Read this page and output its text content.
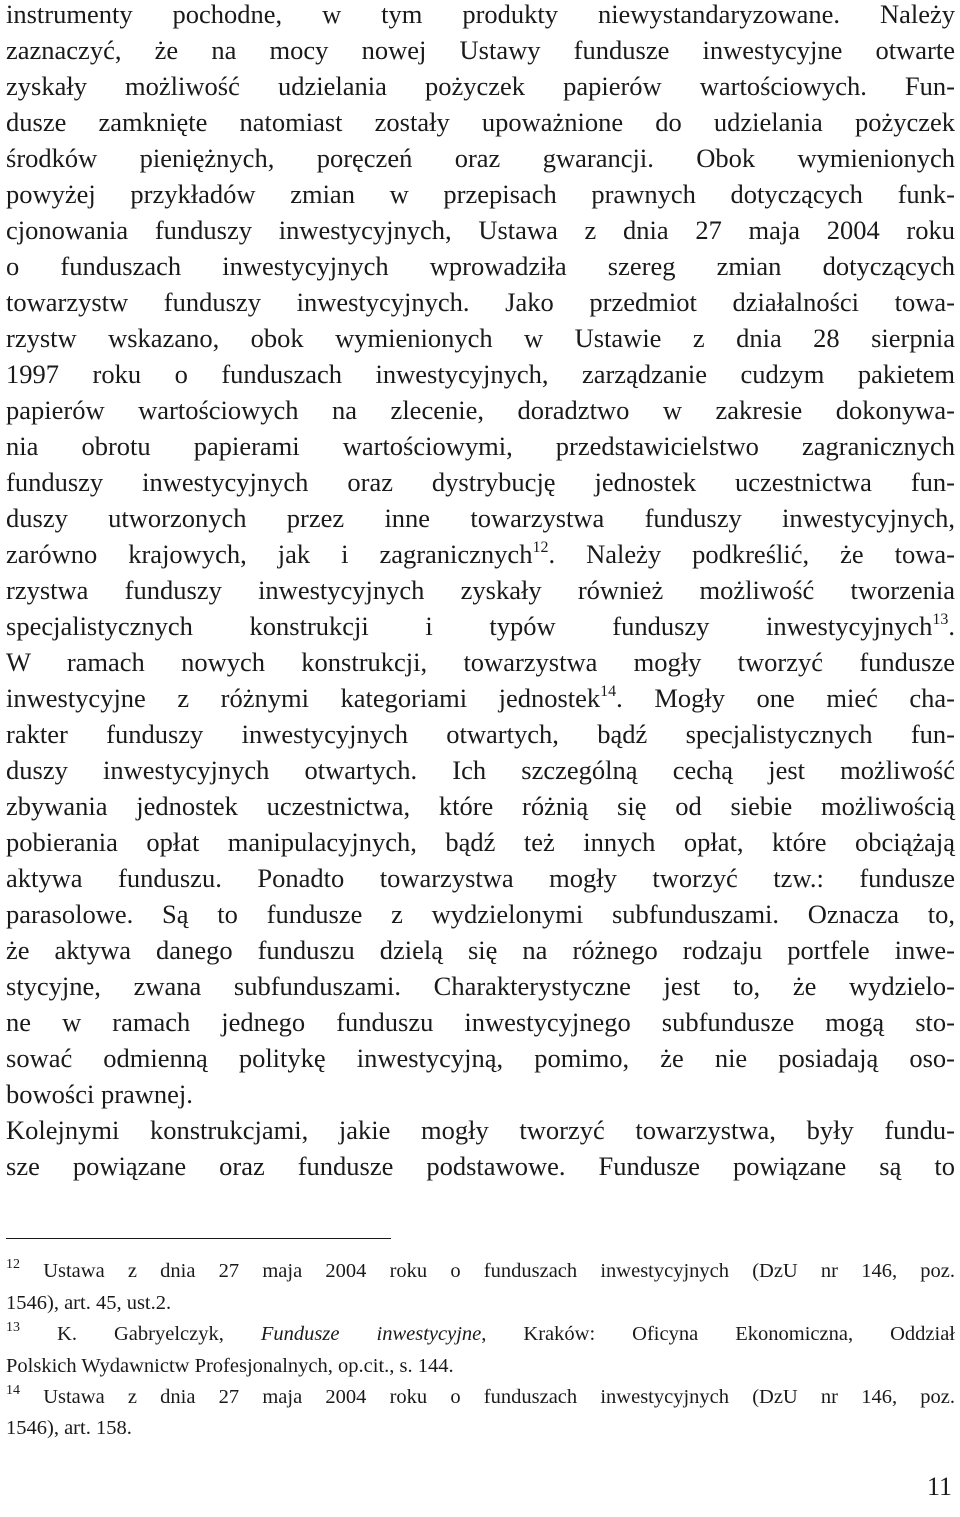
instrumenty pochodne, w tym produkty niewystandaryzowane. Należy
zaznaczyć, że na mocy nowej Ustawy fundusze inwestycyjne otwarte
zyskały możliwość udzielania pożyczek papierów wartościowych. Fun-
dusze zamknięte natomiast zostały upoważnione do udzielania pożyczek
środków pieniężnych, poręczeń oraz gwarancji. Obok wymienionych
powyżej przykładów zmian w przepisach prawnych dotyczących funk-
cjonowania funduszy inwestycyjnych, Ustawa z dnia 27 maja 2004 roku
o funduszach inwestycyjnych wprowadziła szereg zmian dotyczących
towarzystw funduszy inwestycyjnych. Jako przedmiot działalności towa-
rzystw wskazano, obok wymienionych w Ustawie z dnia 28 sierpnia
1997 roku o funduszach inwestycyjnych, zarządzanie cudzym pakietem
papierów wartościowych na zlecenie, doradztwo w zakresie dokonywa-
nia obrotu papierami wartościowymi, przedstawicielstwo zagranicznych
funduszy inwestycyjnych oraz dystrybucję jednostek uczestnictwa fun-
duszy utworzonych przez inne towarzystwa funduszy inwestycyjnych,
zarówno krajowych, jak i zagranicznych$^{12}$. Należy podkreślić, że towa-
rzystwa funduszy inwestycyjnych zyskały również możliwość tworzenia
specjalistycznych konstrukcji i typów funduszy inwestycyjnych$^{13}$.
W ramach nowych konstrukcji, towarzystwa mogły tworzyć fundusze
inwestycyjne z różnymi kategoriami jednostek$^{14}$. Mogły one mieć cha-
rakter funduszy inwestycyjnych otwartych, bądź specjalistycznych fun-
duszy inwestycyjnych otwartych. Ich szczególną cechą jest możliwość
zbywania jednostek uczestnictwa, które różnią się od siebie możliwością
pobierania opłat manipulacyjnych, bądź też innych opłat, które obciążają
aktywa funduszu. Ponadto towarzystwa mogły tworzyć tzw.: fundusze
parasolowe. Są to fundusze z wydzielonymi subfunduszami. Oznacza to,
że aktywa danego funduszu dzielą się na różnego rodzaju portfele inwe-
stycyjne, zwana subfunduszami. Charakterystyczne jest to, że wydzielo-
ne w ramach jednego funduszu inwestycyjnego subfundusze mogą sto-
sować odmienną politykę inwestycyjną, pomimo, że nie posiadają oso-
bowości prawnej.
Kolejnymi konstrukcjami, jakie mogły tworzyć towarzystwa, były fundu-
sze powiązane oraz fundusze podstawowe. Fundusze powiązane są to
$^{12}$ Ustawa z dnia 27 maja 2004 roku o funduszach inwestycyjnych (DzU nr 146, poz.
1546), art. 45, ust.2.
$^{13}$ K. Gabryelczyk, Fundusze inwestycyjne, Kraków: Oficyna Ekonomiczna, Oddział
Polskich Wydawnictw Profesjonalnych, op.cit., s. 144.
$^{14}$ Ustawa z dnia 27 maja 2004 roku o funduszach inwestycyjnych (DzU nr 146, poz.
1546), art. 158.
11
